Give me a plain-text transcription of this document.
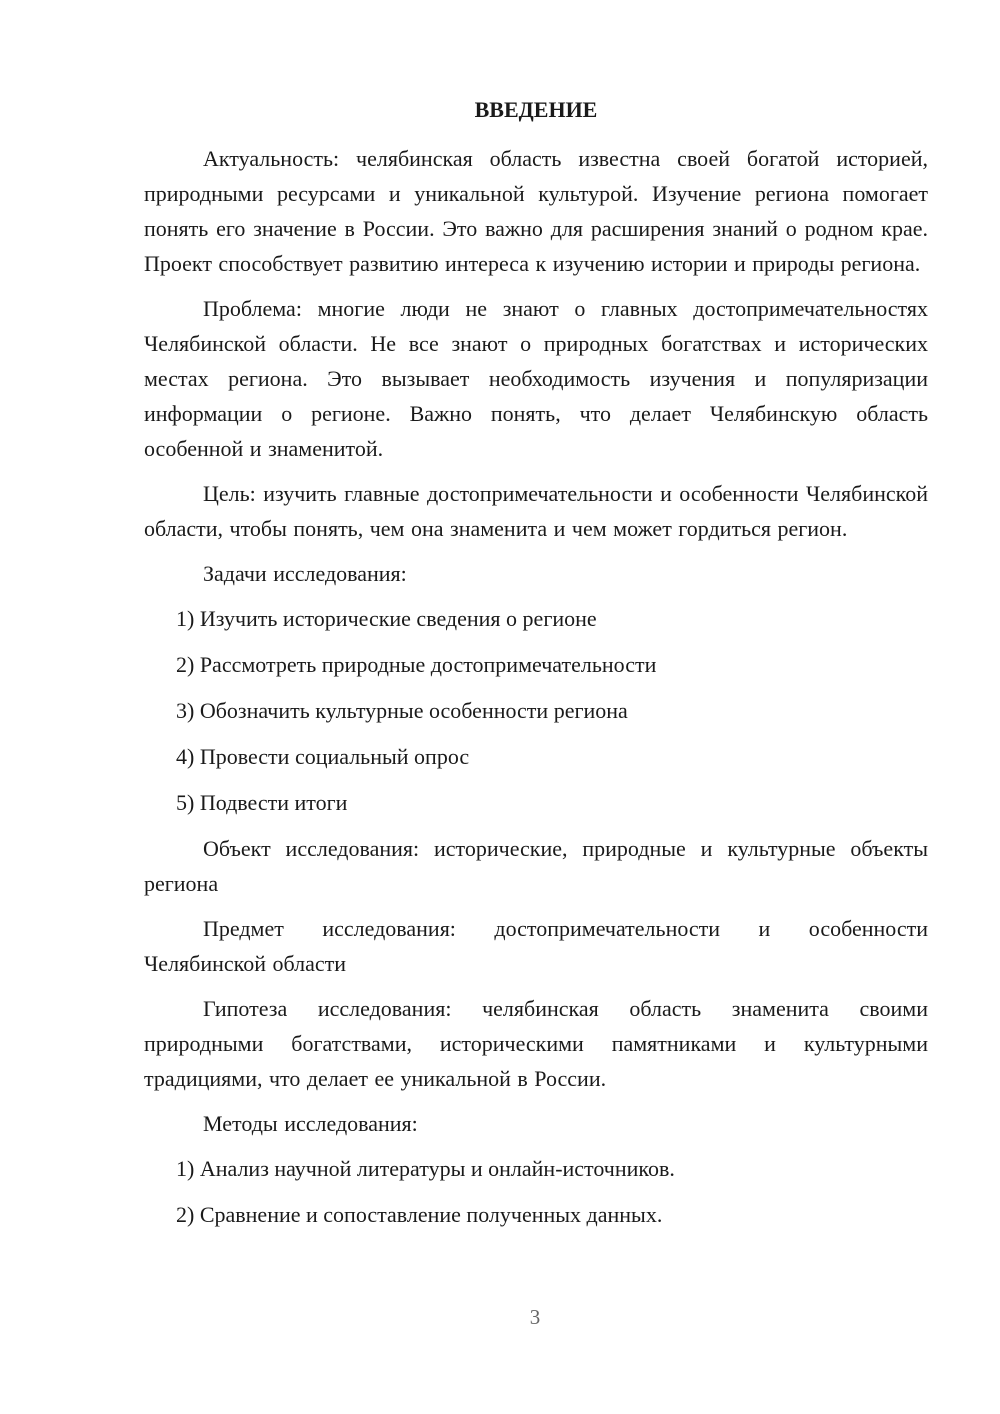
ВВЕДЕНИЕ

Актуальность: челябинская область известна своей богатой историей, природными ресурсами и уникальной культурой. Изучение региона помогает понять его значение в России. Это важно для расширения знаний о родном крае. Проект способствует развитию интереса к изучению истории и природы региона.

Проблема: многие люди не знают о главных достопримечательностях Челябинской области. Не все знают о природных богатствах и исторических местах региона. Это вызывает необходимость изучения и популяризации информации о регионе. Важно понять, что делает Челябинскую область особенной и знаменитой.

Цель: изучить главные достопримечательности и особенности Челябинской области, чтобы понять, чем она знаменита и чем может гордиться регион.

Задачи исследования:

1) Изучить исторические сведения о регионе
2) Рассмотреть природные достопримечательности
3) Обозначить культурные особенности региона
4) Провести социальный опрос
5) Подвести итоги

Объект исследования: исторические, природные и культурные объекты региона

Предмет исследования: достопримечательности и особенности Челябинской области

Гипотеза исследования: челябинская область знаменита своими природными богатствами, историческими памятниками и культурными традициями, что делает ее уникальной в России.

Методы исследования:

1) Анализ научной литературы и онлайн-источников.
2) Сравнение и сопоставление полученных данных.
3
